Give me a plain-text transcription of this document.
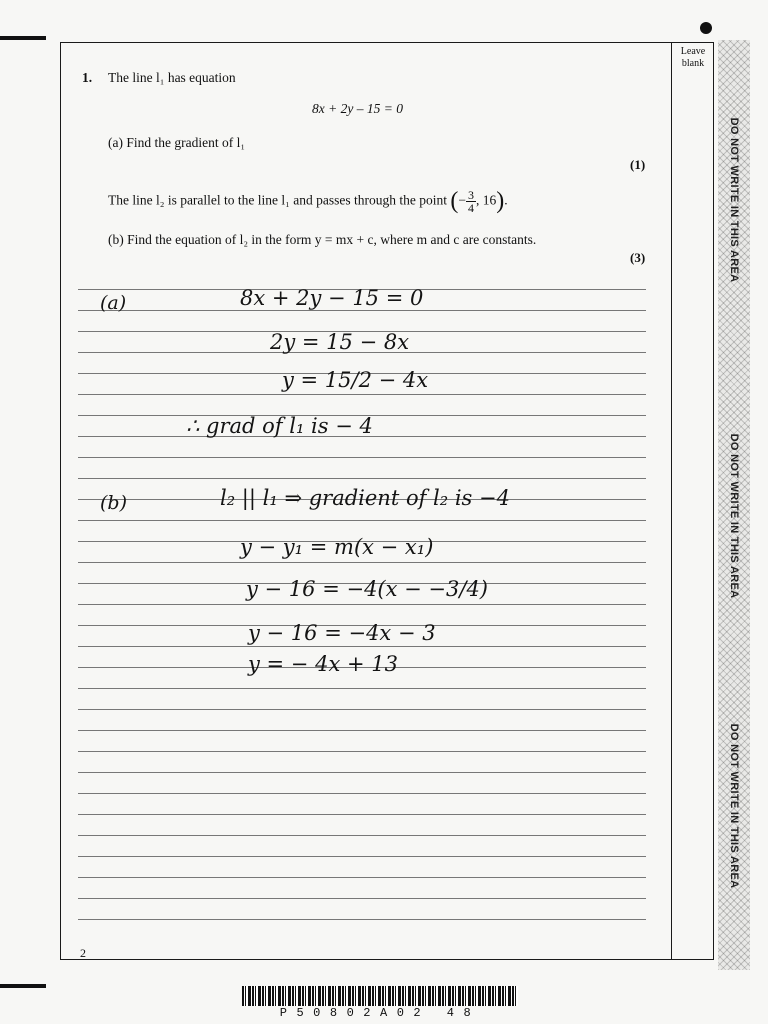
Leave blank
DO NOT WRITE IN THIS AREA
DO NOT WRITE IN THIS AREA
DO NOT WRITE IN THIS AREA
1. The line l₁ has equation
8x + 2y – 15 = 0
(a) Find the gradient of l₁
(1)
The line l₂ is parallel to the line l₁ and passes through the point (− $\frac{3}{4}$, 16).
(b) Find the equation of l₂ in the form y = mx + c, where m and c are constants.
(3)
(a)	8x + 2y − 15 = 0
2y = 15 − 8x
y = 15/2 − 4x
∴ grad of l₁ is − 4
(b)	l₂ || l₁ ⇒ gradient of l₂ is −4
y − y₁ = m(x − x₁)
y − 16 = −4(x − −3/4)
y − 16 = −4x − 3
y = − 4x + 13
2
P50802A02 48
